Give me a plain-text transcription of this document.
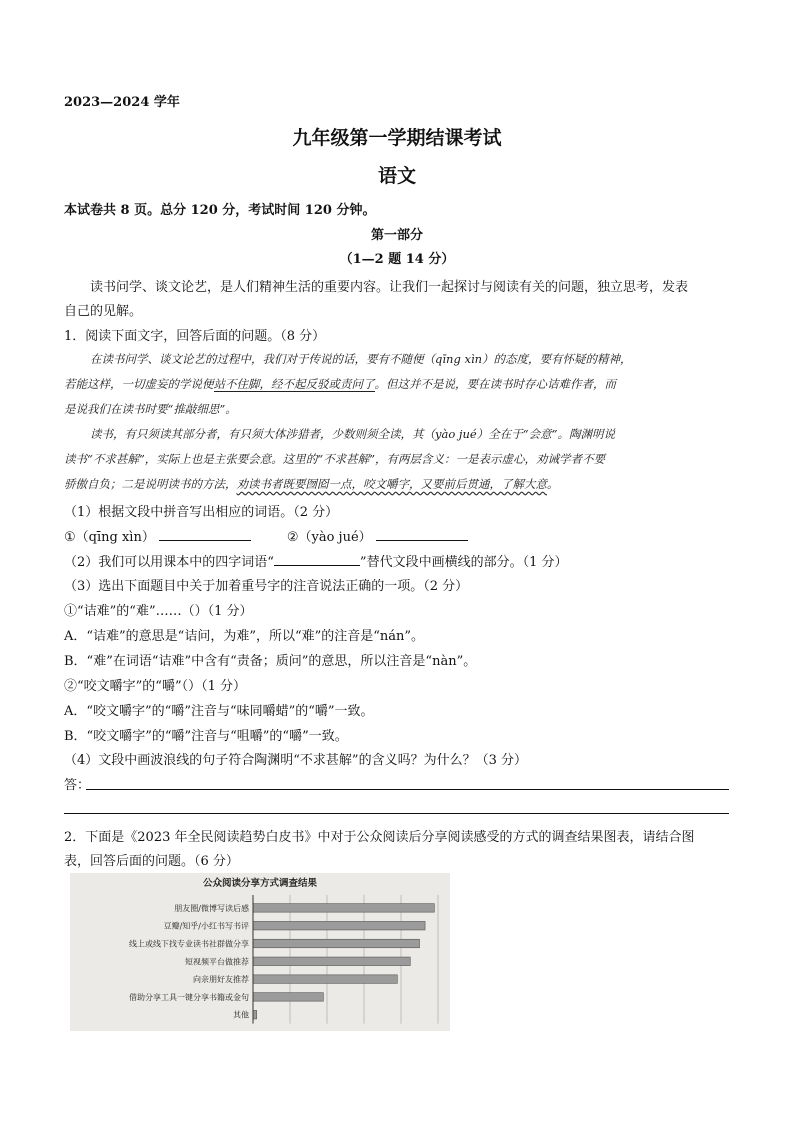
2023—2024 学年
九年级第一学期结课考试
语文
本试卷共 8 页。总分 120 分，考试时间 120 分钟。
第一部分
（1—2 题 14 分）
读书问学、谈文论艺，是人们精神生活的重要内容。让我们一起探讨与阅读有关的问题，独立思考，发表
自己的见解。
1．阅读下面文字，回答后面的问题。（8 分）
在读书问学、谈文论艺的过程中，我们对于传说的话，要有不随便（qīng xìn）的态度，要有怀疑的精神，
若能这样，一切虚妄的学说便站不住脚，经不起反驳或责问了。但这并不是说，要在读书时存心诘难作者，而
是说我们在读书时要“推敲细思”。
读书，有只须读其部分者，有只须大体涉猎者，少数则须全读，其（yào jué）全在于“会意”。陶渊明说
读书“不求甚解”，实际上也是主张要会意。这里的“不求甚解”，有两层含义：一是表示虚心，劝诫学者不要
骄傲自负；二是说明读书的方法，劝读书者既要囫囵一点，咬文嚼字，又要前后贯通，了解大意。
（1）根据文段中拼音写出相应的词语。（2 分）
①（qīng xìn）	②（yào jué）
（2）我们可以用课本中的四字词语“	”替代文段中画横线的部分。（1 分）
（3）选出下面题目中关于加着重号字的注音说法正确的一项。（2 分）
①“诘难”的“难”……（）（1 分）
A．“诘难”的意思是“诘问，为难”，所以“难”的注音是“nán”。
B．“难”在词语“诘难”中含有“责备；质问”的意思，所以注音是“nàn”。
②“咬文嚼字”的“嚼”（）（1 分）
A．“咬文嚼字”的“嚼”注音与“味同嚼蜡”的“嚼”一致。
B．“咬文嚼字”的“嚼”注音与“咀嚼”的“嚼”一致。
（4）文段中画波浪线的句子符合陶渊明“不求甚解”的含义吗？为什么？（3 分）
答：
2．下面是《2023 年全民阅读趋势白皮书》中对于公众阅读后分享阅读感受的方式的调查结果图表，请结合图
表，回答后面的问题。（6 分）
公众阅读分享方式调查结果
朋友圈/微博写读后感
豆瓣/知乎/小红书写书评
线上或线下找专业读书社群做分享
短视频平台做推荐
向亲朋好友推荐
借助分享工具一键分享书籍或金句
其他
